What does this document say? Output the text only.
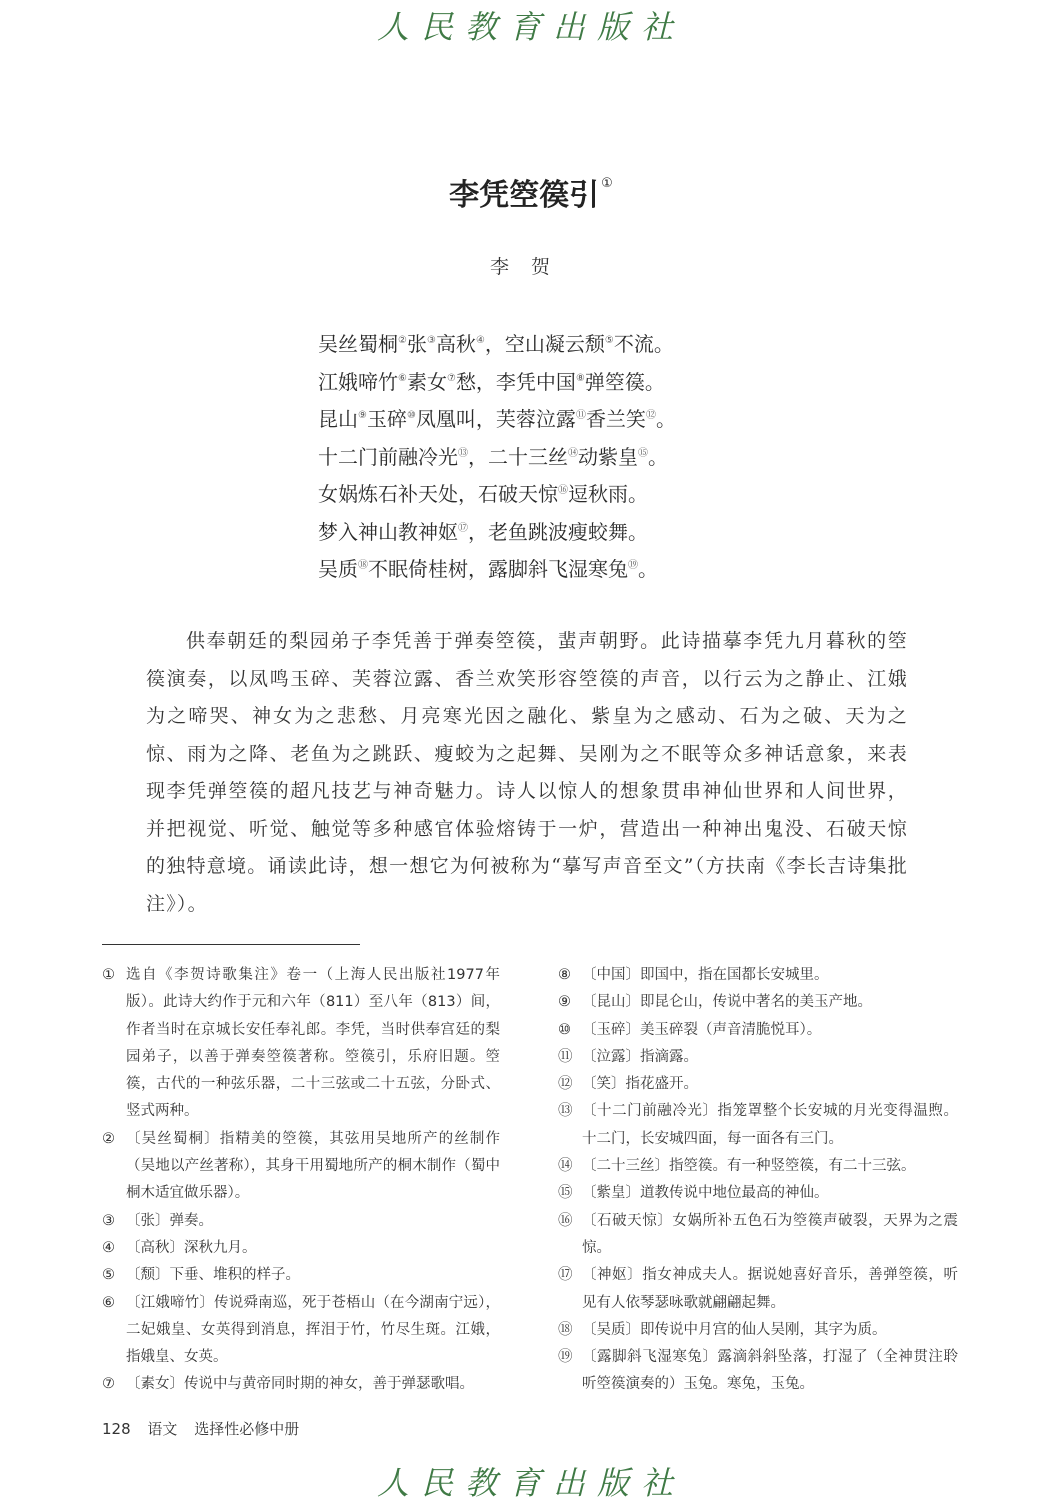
人民教育出版社
李凭箜篌引 ①
李贺
吴丝蜀桐②张③高秋④，空山凝云颓⑤不流。
江娥啼竹⑥素女⑦愁，李凭中国⑧弹箜篌。
昆山⑨玉碎⑩凤凰叫，芙蓉泣露⑪香兰笑⑫。
十二门前融冷光⑬，二十三丝⑭动紫皇⑮。
女娲炼石补天处，石破天惊⑯逗秋雨。
梦入神山教神妪⑰，老鱼跳波瘦蛟舞。
吴质⑱不眠倚桂树，露脚斜飞湿寒兔⑲。
供奉朝廷的梨园弟子李凭善于弹奏箜篌，蜚声朝野。此诗描摹李凭九月暮秋的箜篌演奏，以凤鸣玉碎、芙蓉泣露、香兰欢笑形容箜篌的声音，以行云为之静止、江娥为之啼哭、神女为之悲愁、月亮寒光因之融化、紫皇为之感动、石为之破、天为之惊、雨为之降、老鱼为之跳跃、瘦蛟为之起舞、吴刚为之不眠等众多神话意象，来表现李凭弹箜篌的超凡技艺与神奇魅力。诗人以惊人的想象贯串神仙世界和人间世界，并把视觉、听觉、触觉等多种感官体验熔铸于一炉，营造出一种神出鬼没、石破天惊的独特意境。诵读此诗，想一想它为何被称为“摹写声音至文”（方扶南《李长吉诗集批注》）。
① 选自《李贺诗歌集注》卷一（上海人民出版社1977年版）。此诗大约作于元和六年（811）至八年（813）间，作者当时在京城长安任奉礼郎。李凭，当时供奉宫廷的梨园弟子，以善于弹奏箜篌著称。箜篌引，乐府旧题。箜篌，古代的一种弦乐器，二十三弦或二十五弦，分卧式、竖式两种。
② 〔吴丝蜀桐〕指精美的箜篌，其弦用吴地所产的丝制作（吴地以产丝著称），其身干用蜀地所产的桐木制作（蜀中桐木适宜做乐器）。
③ 〔张〕弹奏。
④ 〔高秋〕深秋九月。
⑤ 〔颓〕下垂、堆积的样子。
⑥ 〔江娥啼竹〕传说舜南巡，死于苍梧山（在今湖南宁远），二妃娥皇、女英得到消息，挥泪于竹，竹尽生斑。江娥，指娥皇、女英。
⑦ 〔素女〕传说中与黄帝同时期的神女，善于弹瑟歌唱。
⑧ 〔中国〕即国中，指在国都长安城里。
⑨ 〔昆山〕即昆仑山，传说中著名的美玉产地。
⑩ 〔玉碎〕美玉碎裂（声音清脆悦耳）。
⑪ 〔泣露〕指滴露。
⑫ 〔笑〕指花盛开。
⑬ 〔十二门前融冷光〕指笼罩整个长安城的月光变得温煦。十二门，长安城四面，每一面各有三门。
⑭ 〔二十三丝〕指箜篌。有一种竖箜篌，有二十三弦。
⑮ 〔紫皇〕道教传说中地位最高的神仙。
⑯ 〔石破天惊〕女娲所补五色石为箜篌声破裂，天界为之震惊。
⑰ 〔神妪〕指女神成夫人。据说她喜好音乐，善弹箜篌，听见有人依琴瑟咏歌就翩翩起舞。
⑱ 〔吴质〕即传说中月宫的仙人吴刚，其字为质。
⑲ 〔露脚斜飞湿寒兔〕露滴斜斜坠落，打湿了（全神贯注聆听箜篌演奏的）玉兔。寒兔，玉兔。
128 语文 选择性必修中册
人民教育出版社
